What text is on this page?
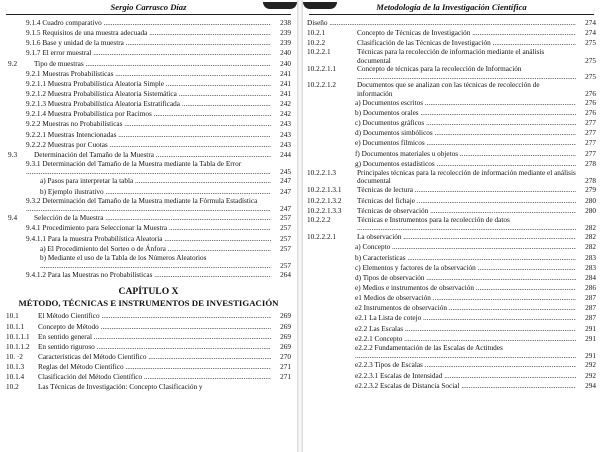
Sergio Carrasco Díaz
9.1.4 Cuadro comparativo .....	238
9.1.5 Requisitos de una muestra adecuada .....	239
9.1.6 Base y unidad de la muestra .....	239
9.1.7 El error muestral .....	240
9.2 Tipo de muestras .....	240
9.2.1 Muestras Probabilísticas .....	241
9.2.1.1 Muestra Probabilística Aleatoria Simple .....	241
9.2.1.2 Muestra Probabilística Aleatoria Sistemática .....	241
9.2.1.3 Muestra Probabilística Aleatoria Estratificada .....	242
9.2.1.4 Muestra Probabilística por Racimos .....	242
9.2.2 Muestras no Probabilísticas .....	243
9.2.2.1 Muestras Intencionadas .....	243
9.2.2.2 Muestras por Cuotas .....	243
9.3 Determinación del Tamaño de la Muestra .....	244
9.3.1 Determinación del Tamaño de la Muestra mediante la Tabla de Error .....
245
a) Pasos para interpretar la tabla .....	247
b) Ejemplo ilustrativo .....	247
9.3.2 Determinación del Tamaño de la Muestra mediante la Fórmula Estadística .....
247
9.4 Selección de la Muestra .....	257
9.4.1 Procedimiento para Seleccionar la Muestra .....	257
9.4.1.1 Para la muestra Probabilística Aleatoria .....	257
a) El Procedimiento del Sorteo o de Ánfora .....	257
b) Mediante el uso de la Tabla de los Números Aleatorios .....
257
9.4.1.2 Para las Muestras no Probabilísticas .....	264
CAPÍTULO X
MÉTODO, TÉCNICAS E INSTRUMENTOS DE INVESTIGACIÓN
10.1	El Método Científico .....	269
10.1.1 Concepto de Método .....	269
10.1.1.1 En sentido general .....	269
10.1.1.2 En sentido riguroso .....	269
10. ·2 Características del Método Científico .....	270
10.1.3 Reglas del Método Científico .....	271
10.1.4 Clasificación del Método Científico .....	271
10.2	Las Técnicas de Investigación: Concepto Clasificación y
Metodología de la Investigación Científica
Diseño .....	274
10.2.1	Concepto de Técnicas de Investigación .....	274
10.2.2	Clasificación de las Técnicas de Investigación .....	275
10.2.2.1	Técnicas para la recolección de información mediante el análisis documental .....	275
10.2.2.1.1	Concepto de técnicas para la recolección de Información .....
275
10.2.2.1.2	Documentos que se analizan con las técnicas de recolección de información .....	276
a) Documentos escritos .....	276
b) Documentos orales .....	276
c) Documentos gráficos .....	277
d) Documentos simbólicos .....	277
e) Documentos fílmicos .....	277
f) Documentos materiales u objetos .....	277
g) Documentos estadísticos .....	278
10.2.2.1.3	Principales técnicas para la recolección de información mediante el análisis documental .....	278
10.2.2.1.3.1 Técnicas de lectura .....	279
10.2.2.1.3.2 Técnicas del fichaje .....	280
10.2.2.1.3.3 Técnicas de observación .....	280
10.2.2.2	Técnicas e Instrumentos para la recolección de datos .....
282
10.2.2.2.1	La observación .....	282
a) Concepto .....	282
b) Características .....	283
c) Elementos y factores de la observación .....	283
d) Tipos de observación .....	284
e) Medios e instrumentos de observación .....	286
e1 Medios de observación .....	287
e2 Instrumentos de observación .....	287
e2.1 La Lista de cotejo .....	287
e2.2 Las Escalas .....	291
e2.2.1 Concepto .....	291
e2.2.2 Fundamentación de las Escalas de Actitudes .....
291
e2.2.3 Tipos de Escalas .....	292
e2.2.3.1 Escalas de Intensidad .....	292
e2.2.3.2 Escalas de Distancia Social .....	294
